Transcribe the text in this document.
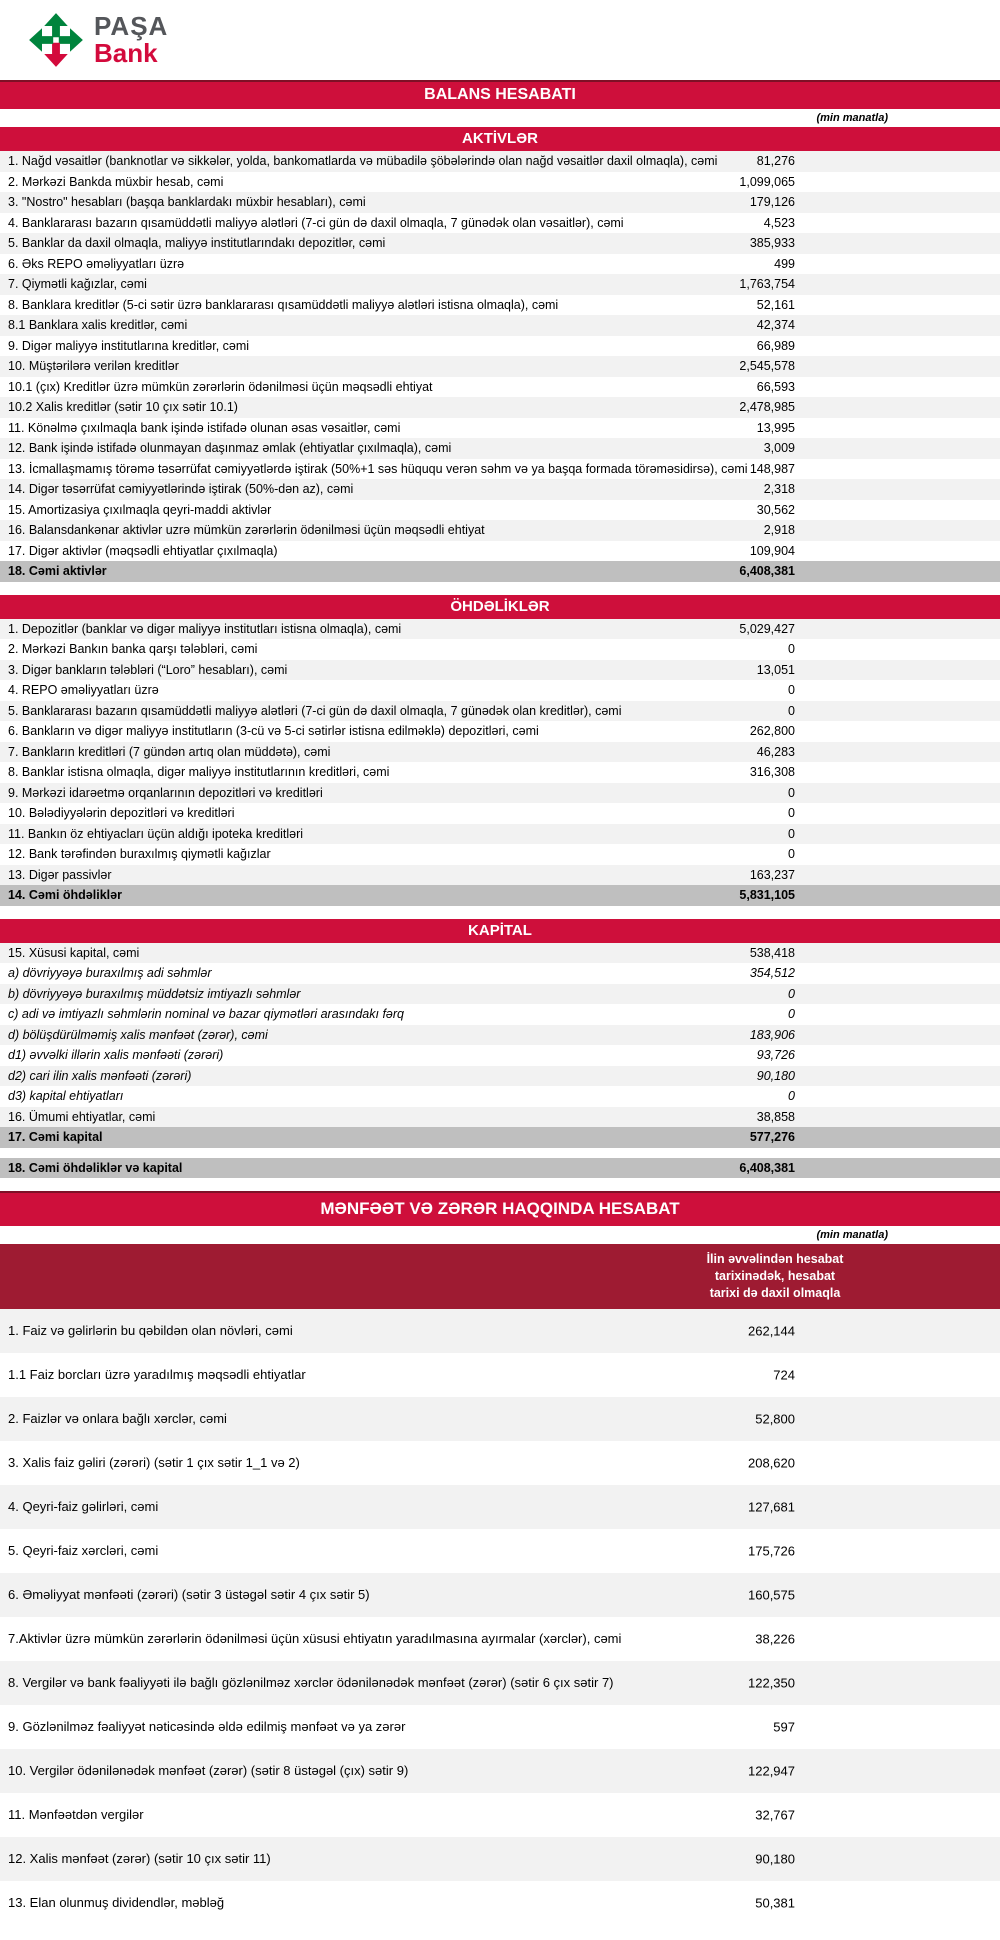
PAŞA
Bank
BALANS HESABATI
(min manatla)
AKTİVLƏR
1. Nağd vəsaitlər (banknotlar və sikkələr, yolda, bankomatlarda və mübadilə şöbələrində olan nağd vəsaitlər daxil olmaqla), cəmi	81,276
2. Mərkəzi Bankda müxbir hesab, cəmi	1,099,065
3. "Nostro" hesabları (başqa banklardakı müxbir hesabları), cəmi	179,126
4. Banklararası bazarın qısamüddətli maliyyə alətləri (7-ci gün də daxil olmaqla, 7 günədək olan vəsaitlər), cəmi	4,523
5. Banklar da daxil olmaqla, maliyyə institutlarındakı depozitlər, cəmi	385,933
6. Əks REPO əməliyyatları üzrə	499
7. Qiymətli kağızlar, cəmi	1,763,754
8. Banklara kreditlər (5-ci sətir üzrə banklararası qısamüddətli maliyyə alətləri istisna olmaqla), cəmi	52,161
8.1 Banklara xalis kreditlər, cəmi	42,374
9. Digər maliyyə institutlarına kreditlər, cəmi	66,989
10. Müştərilərə verilən kreditlər	2,545,578
10.1 (çıx) Kreditlər üzrə mümkün zərərlərin ödənilməsi üçün məqsədli ehtiyat	66,593
10.2 Xalis kreditlər (sətir 10 çıx sətir 10.1)	2,478,985
11. Könəlmə çıxılmaqla bank işində istifadə olunan əsas vəsaitlər, cəmi	13,995
12. Bank işində istifadə olunmayan daşınmaz əmlak (ehtiyatlar çıxılmaqla), cəmi	3,009
13. İcmallaşmamış törəmə təsərrüfat cəmiyyətlərdə iştirak (50%+1 səs hüququ verən səhm və ya başqa formada törəməsidirsə), cəmi 148,987
14. Digər təsərrüfat cəmiyyətlərində iştirak (50%-dən az), cəmi	2,318
15. Amortizasiya çıxılmaqla qeyri-maddi aktivlər	30,562
16. Balansdankənar aktivlər uzrə mümkün zərərlərin ödənilməsi üçün məqsədli ehtiyat	2,918
17. Digər aktivlər (məqsədli ehtiyatlar çıxılmaqla)	109,904
18. Cəmi aktivlər	6,408,381
ÖHDƏLİKLƏR
1. Depozitlər (banklar və digər maliyyə institutları istisna olmaqla), cəmi	5,029,427
2. Mərkəzi Bankın banka qarşı tələbləri, cəmi	0
3. Digər bankların tələbləri (“Loro” hesabları), cəmi	13,051
4. REPO əməliyyatları üzrə	0
5. Banklararası bazarın qısamüddətli maliyyə alətləri (7-ci gün də daxil olmaqla, 7 günədək olan kreditlər), cəmi	0
6. Bankların və digər maliyyə institutların (3-cü və 5-ci sətirlər istisna edilməklə) depozitləri, cəmi	262,800
7. Bankların kreditləri (7 gündən artıq olan müddətə), cəmi	46,283
8. Banklar istisna olmaqla, digər maliyyə institutlarının kreditləri, cəmi	316,308
9. Mərkəzi idarəetmə orqanlarının depozitləri və kreditləri	0
10. Bələdiyyələrin depozitləri və kreditləri	0
11. Bankın öz ehtiyacları üçün aldığı ipoteka kreditləri	0
12. Bank tərəfindən buraxılmış qiymətli kağızlar	0
13. Digər passivlər	163,237
14. Cəmi öhdəliklər	5,831,105
KAPİTAL
15. Xüsusi kapital, cəmi	538,418
a) dövriyyəyə buraxılmış adi səhmlər	354,512
b) dövriyyəyə buraxılmış müddətsiz imtiyazlı səhmlər	0
c) adi və imtiyazlı səhmlərin nominal və bazar qiymətləri arasındakı fərq	0
d) bölüşdürülməmiş xalis mənfəət (zərər), cəmi	183,906
d1) əvvəlki illərin xalis mənfəəti (zərəri)	93,726
d2) cari ilin xalis mənfəəti (zərəri)	90,180
d3) kapital ehtiyatları	0
16. Ümumi ehtiyatlar, cəmi	38,858
17. Cəmi kapital	577,276
18. Cəmi öhdəliklər və kapital	6,408,381
MƏNFƏƏT VƏ ZƏRƏR HAQQINDA HESABAT
(min manatla)
İlin əvvəlindən hesabat tarixinədək, hesabat tarixi də daxil olmaqla
1. Faiz və gəlirlərin bu qəbildən olan növləri, cəmi	262,144
1.1 Faiz borcları üzrə yaradılmış məqsədli ehtiyatlar	724
2. Faizlər və onlara bağlı xərclər, cəmi	52,800
3. Xalis faiz gəliri (zərəri) (sətir 1 çıx sətir 1_1 və 2)	208,620
4. Qeyri-faiz gəlirləri, cəmi	127,681
5. Qeyri-faiz xərcləri, cəmi	175,726
6. Əməliyyat mənfəəti (zərəri) (sətir 3 üstəgəl sətir 4 çıx sətir 5)	160,575
7.Aktivlər üzrə mümkün zərərlərin ödənilməsi üçün xüsusi ehtiyatın yaradılmasına ayırmalar (xərclər), cəmi	38,226
8. Vergilər və bank fəaliyyəti ilə bağlı gözlənilməz xərclər ödənilənədək mənfəət (zərər) (sətir 6 çıx sətir 7)	122,350
9. Gözlənilməz fəaliyyət nəticəsində əldə edilmiş mənfəət və ya zərər	597
10. Vergilər ödənilənədək mənfəət (zərər) (sətir 8 üstəgəl (çıx) sətir 9)	122,947
11. Mənfəətdən vergilər	32,767
12. Xalis mənfəət (zərər) (sətir 10 çıx sətir 11)	90,180
13. Elan olunmuş dividendlər, məbləğ	50,381
